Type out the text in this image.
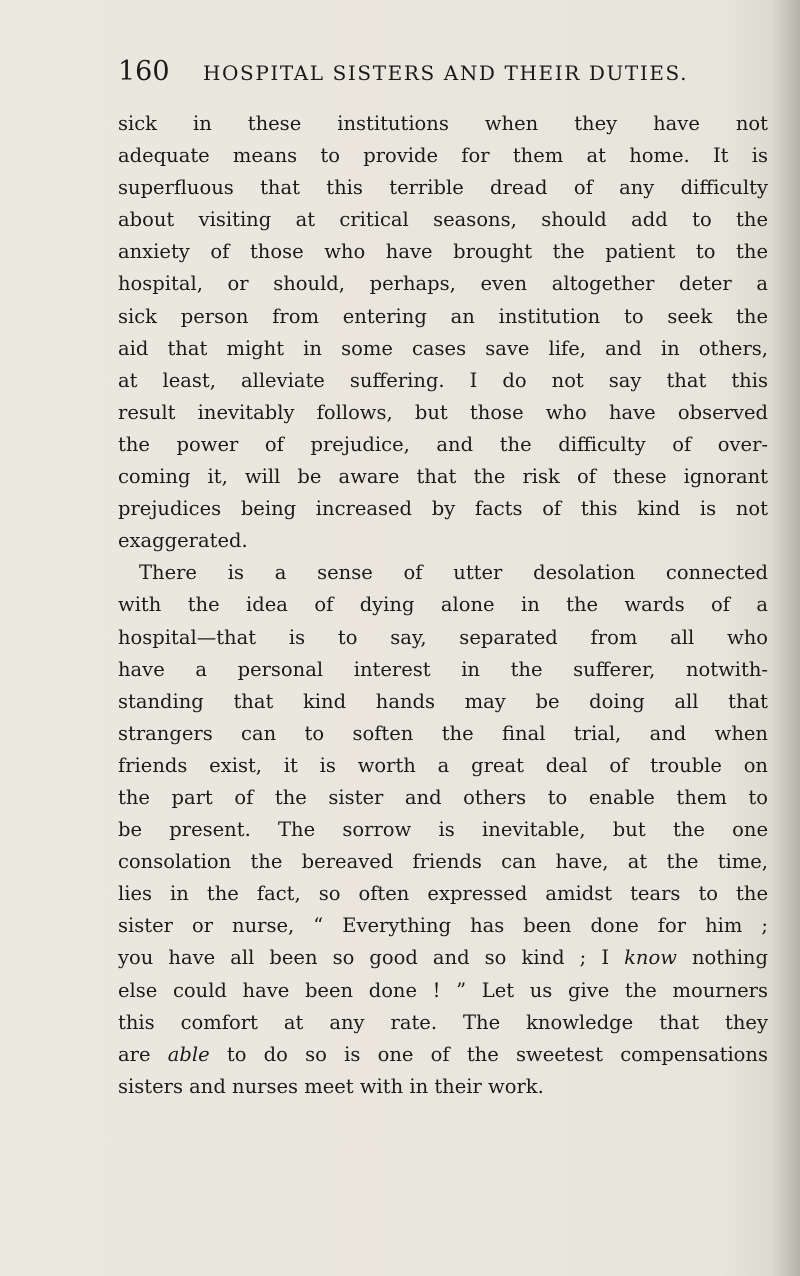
160 HOSPITAL SISTERS AND THEIR DUTIES.
sick in these institutions when they have not
adequate means to provide for them at home. It is
superfluous that this terrible dread of any difficulty
about visiting at critical seasons, should add to the
anxiety of those who have brought the patient to the
hospital, or should, perhaps, even altogether deter a
sick person from entering an institution to seek the
aid that might in some cases save life, and in others,
at least, alleviate suffering. I do not say that this
result inevitably follows, but those who have observed
the power of prejudice, and the difficulty of over-
coming it, will be aware that the risk of these ignorant
prejudices being increased by facts of this kind is not
exaggerated.
There is a sense of utter desolation connected
with the idea of dying alone in the wards of a
hospital—that is to say, separated from all who
have a personal interest in the sufferer, notwith-
standing that kind hands may be doing all that
strangers can to soften the final trial, and when
friends exist, it is worth a great deal of trouble on
the part of the sister and others to enable them to
be present. The sorrow is inevitable, but the one
consolation the bereaved friends can have, at the time,
lies in the fact, so often expressed amidst tears to the
sister or nurse, “ Everything has been done for him ;
you have all been so good and so kind ; I know nothing
else could have been done ! ” Let us give the mourners
this comfort at any rate. The knowledge that they
are able to do so is one of the sweetest compensations
sisters and nurses meet with in their work.
